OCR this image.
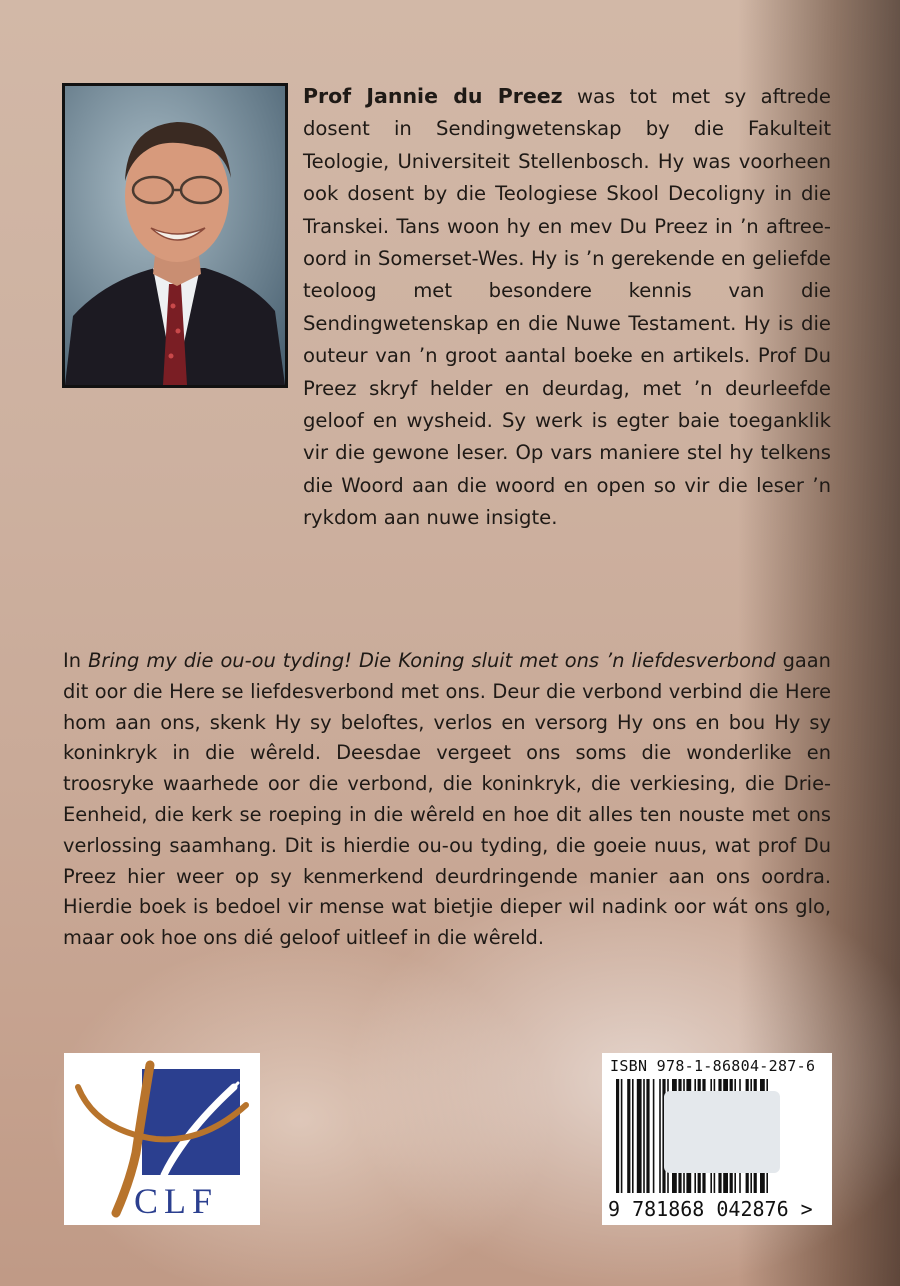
Prof Jannie du Preez was tot met sy aftrede dosent in Sendingwetenskap by die Fakulteit Teologie, Universiteit Stellenbosch. Hy was voorheen ook dosent by die Teologiese Skool Decoligny in die Transkei. Tans woon hy en mev Du Preez in ’n aftree-oord in Somerset-Wes. Hy is ’n gerekende en geliefde teoloog met besondere kennis van die Sendingwetenskap en die Nuwe Testament. Hy is die outeur van ’n groot aantal boeke en artikels. Prof Du Preez skryf helder en deurdag, met ’n deurleefde geloof en wysheid. Sy werk is egter baie toeganklik vir die gewone leser. Op vars maniere stel hy telkens die Woord aan die woord en open so vir die leser ’n rykdom aan nuwe insigte.
In Bring my die ou-ou tyding! Die Koning sluit met ons ’n liefdesverbond gaan dit oor die Here se liefdesverbond met ons. Deur die verbond verbind die Here hom aan ons, skenk Hy sy beloftes, verlos en versorg Hy ons en bou Hy sy koninkryk in die wêreld. Deesdae vergeet ons soms die wonderlike en troosryke waarhede oor die verbond, die koninkryk, die verkiesing, die Drie-Eenheid, die kerk se roeping in die wêreld en hoe dit alles ten nouste met ons verlossing saamhang. Dit is hierdie ou-ou tyding, die goeie nuus, wat prof Du Preez hier weer op sy kenmerkend deurdringende manier aan ons oordra. Hierdie boek is bedoel vir mense wat bietjie dieper wil nadink oor wát ons glo, maar ook hoe ons dié geloof uitleef in die wêreld.
CLF
ISBN 978-1-86804-287-6
9 781868 042876 >
